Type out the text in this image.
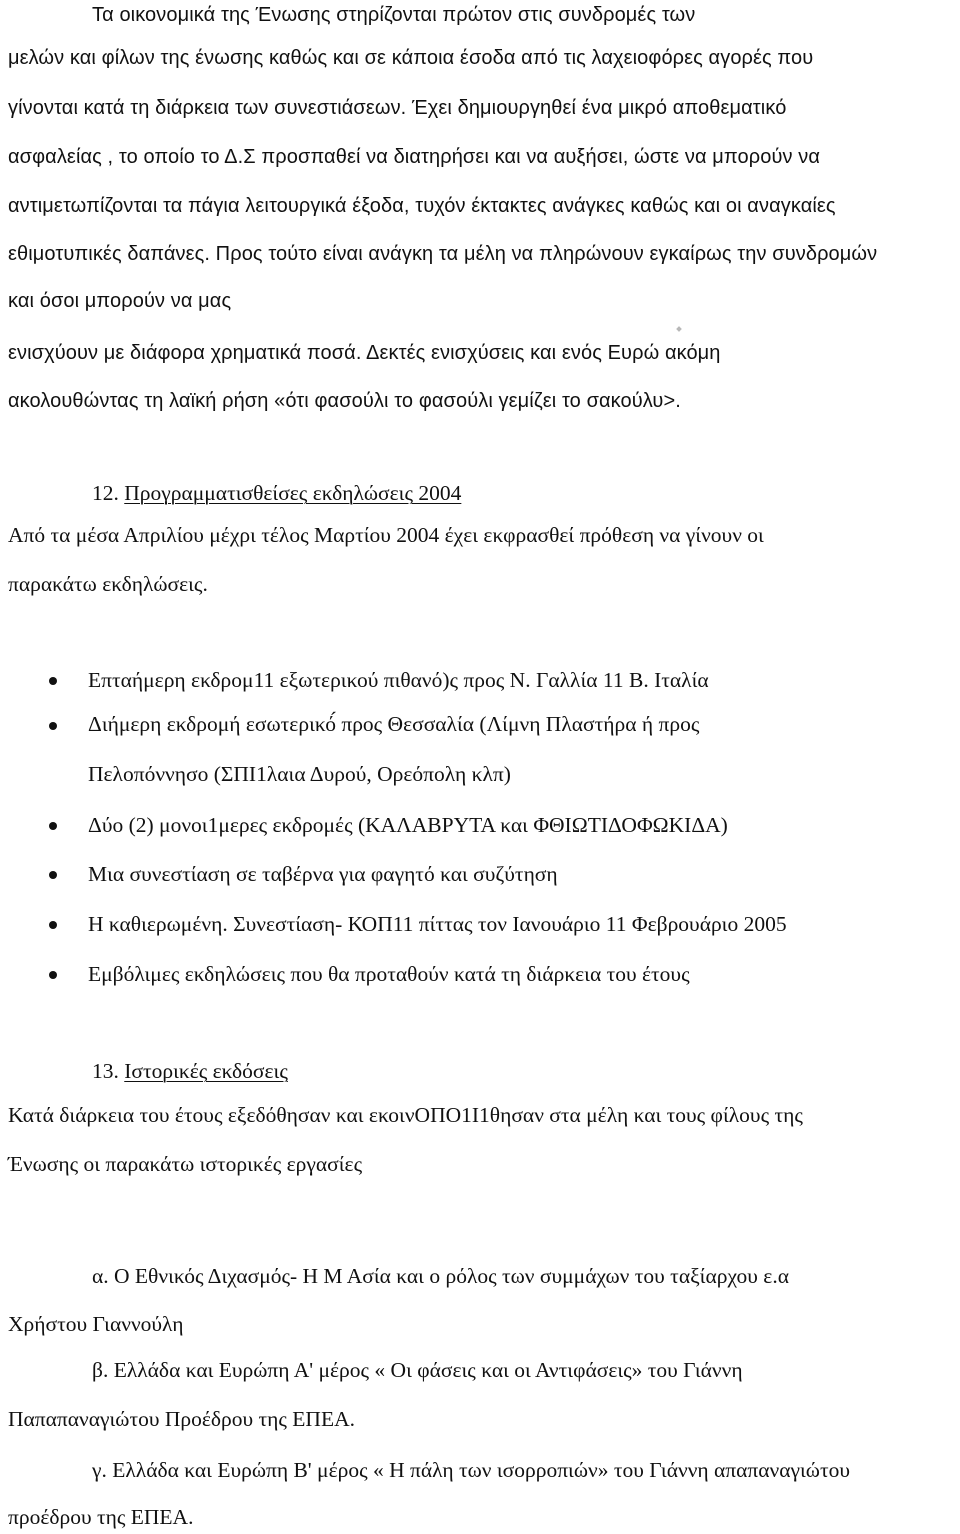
Τα οικονομικά της Ένωσης στηρίζονται πρώτον στις συνδρομές των
μελών και φίλων της ένωσης καθώς και σε κάποια έσοδα από τις λαχειοφόρες αγορές που
γίνονται κατά τη διάρκεια των συνεστιάσεων. Έχει δημιουργηθεί ένα μικρό αποθεματικό
ασφαλείας , το οποίο το Δ.Σ προσπαθεί να διατηρήσει και να αυξήσει, ώστε να μπορούν να
αντιμετωπίζονται τα πάγια λειτουργικά έξοδα, τυχόν έκτακτες ανάγκες καθώς και οι αναγκαίες
εθιμοτυπικές δαπάνες. Προς τούτο είναι ανάγκη τα μέλη να πληρώνουν εγκαίρως την συνδρομών
και όσοι μπορούν να μας
ενισχύουν με διάφορα χρηματικά ποσά. Δεκτές ενισχύσεις και ενός Ευρώ ακόμη
ακολουθώντας τη λαϊκή ρήση «ότι φασούλι το φασούλι γεμίζει το σακούλυ>.
12. Προγραμματισθείσες εκδηλώσεις 2004
Από τα μέσα Απριλίου μέχρι τέλος Μαρτίου 2004 έχει εκφρασθεί πρόθεση να γίνουν οι
παρακάτω εκδηλώσεις.
Επταήμερη εκδρομ11 εξωτερικού πιθανό)ς προς Ν. Γαλλία 11 Β. Ιταλία
Διήμερη εκδρομή εσωτερικό́ προς Θεσσαλία (Λίμνη Πλαστήρα ή προς
Πελοπόννησο (ΣΠΙ1λαια Δυρού, Ορεόπολη κλπ)
Δύο (2) μονοι1μερες εκδρομές (ΚΑΛΑΒΡΥΤΑ και ΦΘΙΩΤΙΔΟΦΩΚΙΔΑ)
Μια συνεστίαση σε ταβέρνα για φαγητό και συζύτηση
Η καθιερωμένη. Συνεστίαση- ΚΟΠ11 πίττας τον Ιανουάριο 11 Φεβρουάριο 2005
Εμβόλιμες εκδηλώσεις που θα προταθούν κατά τη διάρκεια του έτους
13. Ιστορικές εκδόσεις
Κατά διάρκεια του έτους εξεδόθησαν και εκοινΟΠΟ1Ι1θησαν στα μέλη και τους φίλους της
Ένωσης οι παρακάτω ιστορικές εργασίες
α. Ο Εθνικός Διχασμός- Η Μ Ασία και ο ρόλος των συμμάχων του ταξίαρχου ε.α
Χρήστου Γιαννούλη
β. Ελλάδα και Ευρώπη Α' μέρος « Οι φάσεις και οι Αντιφάσεις» του Γιάννη
Παπαπαναγιώτου Προέδρου της ΕΠΕΑ.
γ. Ελλάδα και Ευρώπη Β' μέρος « Η πάλη των ισορροπιών» του Γιάννη απαπαναγιώτου
προέδρου της ΕΠΕΑ.
